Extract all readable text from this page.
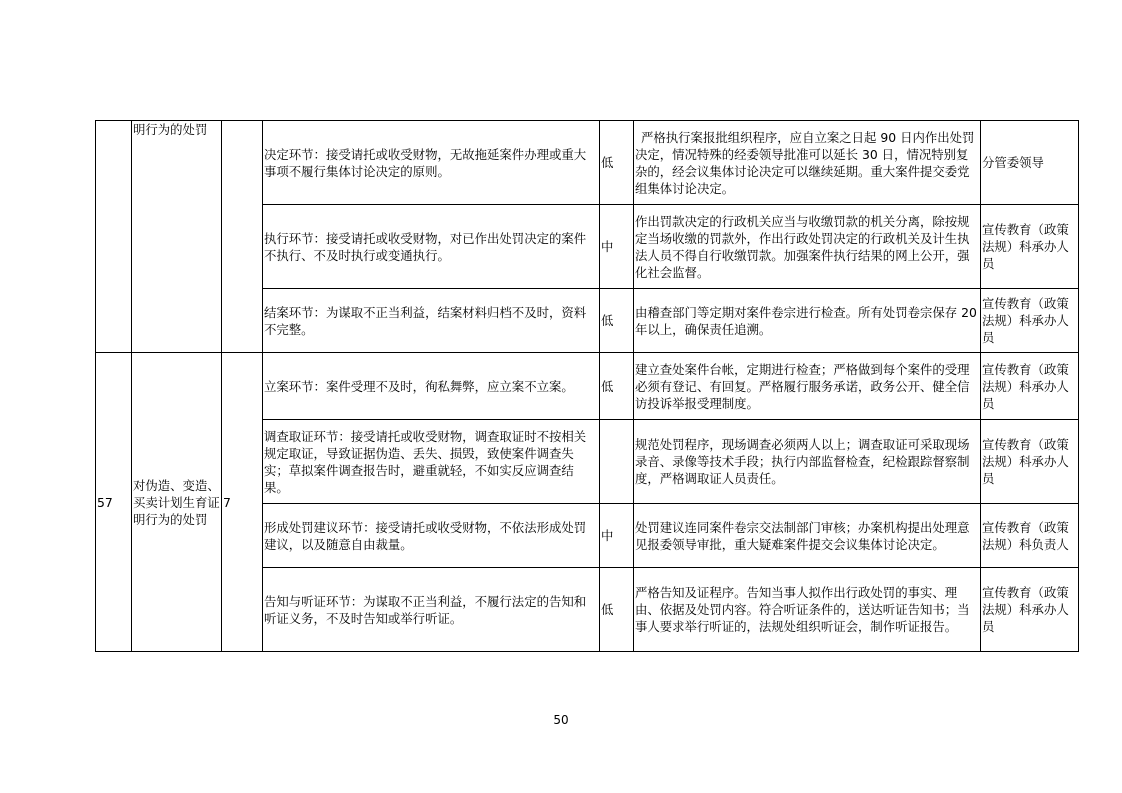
	明行为的处罚		决定环节：接受请托或收受财物，无故拖延案件办理或重大事项不履行集体讨论决定的原则。	低	严格执行案报批组织程序，应自立案之日起 90 日内作出处罚决定，情况特殊的经委领导批准可以延长 30 日，情况特别复杂的，经会议集体讨论决定可以继续延期。重大案件提交委党组集体讨论决定。	分管委领导
			执行环节：接受请托或收受财物，对已作出处罚决定的案件不执行、不及时执行或变通执行。	中	作出罚款决定的行政机关应当与收缴罚款的机关分离，除按规定当场收缴的罚款外，作出行政处罚决定的行政机关及计生执法人员不得自行收缴罚款。加强案件执行结果的网上公开，强化社会监督。	宣传教育（政策法规）科承办人员
			结案环节：为谋取不正当利益，结案材料归档不及时，资料不完整。	低	由稽查部门等定期对案件卷宗进行检查。所有处罚卷宗保存 20 年以上，确保责任追溯。	宣传教育（政策法规）科承办人员
57	对伪造、变造、买卖计划生育证明行为的处罚	7	立案环节：案件受理不及时，徇私舞弊，应立案不立案。	低	建立查处案件台帐，定期进行检查；严格做到每个案件的受理必须有登记、有回复。严格履行服务承诺，政务公开、健全信访投诉举报受理制度。	宣传教育（政策法规）科承办人员
			调查取证环节：接受请托或收受财物，调查取证时不按相关规定取证，导致证据伪造、丢失、损毁，致使案件调查失实；草拟案件调查报告时，避重就轻，不如实反应调查结果。		规范处罚程序，现场调查必须两人以上；调查取证可采取现场录音、录像等技术手段；执行内部监督检查，纪检跟踪督察制度，严格调取证人员责任。	宣传教育（政策法规）科承办人员
			形成处罚建议环节：接受请托或收受财物，不依法形成处罚建议，以及随意自由裁量。	中	处罚建议连同案件卷宗交法制部门审核；办案机构提出处理意见报委领导审批，重大疑难案件提交会议集体讨论决定。	宣传教育（政策法规）科负责人
			告知与听证环节：为谋取不正当利益，不履行法定的告知和听证义务，不及时告知或举行听证。	低	严格告知及证程序。告知当事人拟作出行政处罚的事实、理由、依据及处罚内容。符合听证条件的，送达听证告知书；当事人要求举行听证的，法规处组织听证会，制作听证报告。	宣传教育（政策法规）科承办人员
50
